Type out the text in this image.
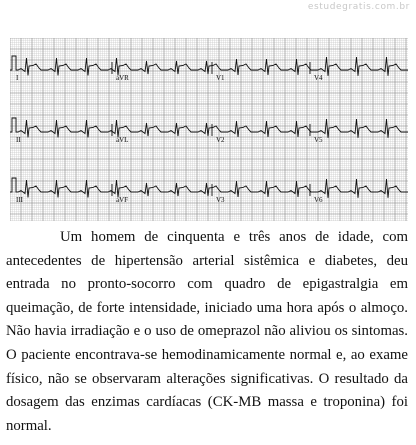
estudegratis.com.br
I	aVR	V1	V4
II	aVL	V2	V5
III	aVF	V3	V6

Um homem de cinquenta e três anos de idade, com antecedentes de hipertensão arterial sistêmica e diabetes, deu entrada no pronto-socorro com quadro de epigastralgia em queimação, de forte intensidade, iniciado uma hora após o almoço. Não havia irradiação e o uso de omeprazol não aliviou os sintomas. O paciente encontrava-se hemodinamicamente normal e, ao exame físico, não se observaram alterações significativas. O resultado da dosagem das enzimas cardíacas (CK-MB massa e troponina) foi normal.
